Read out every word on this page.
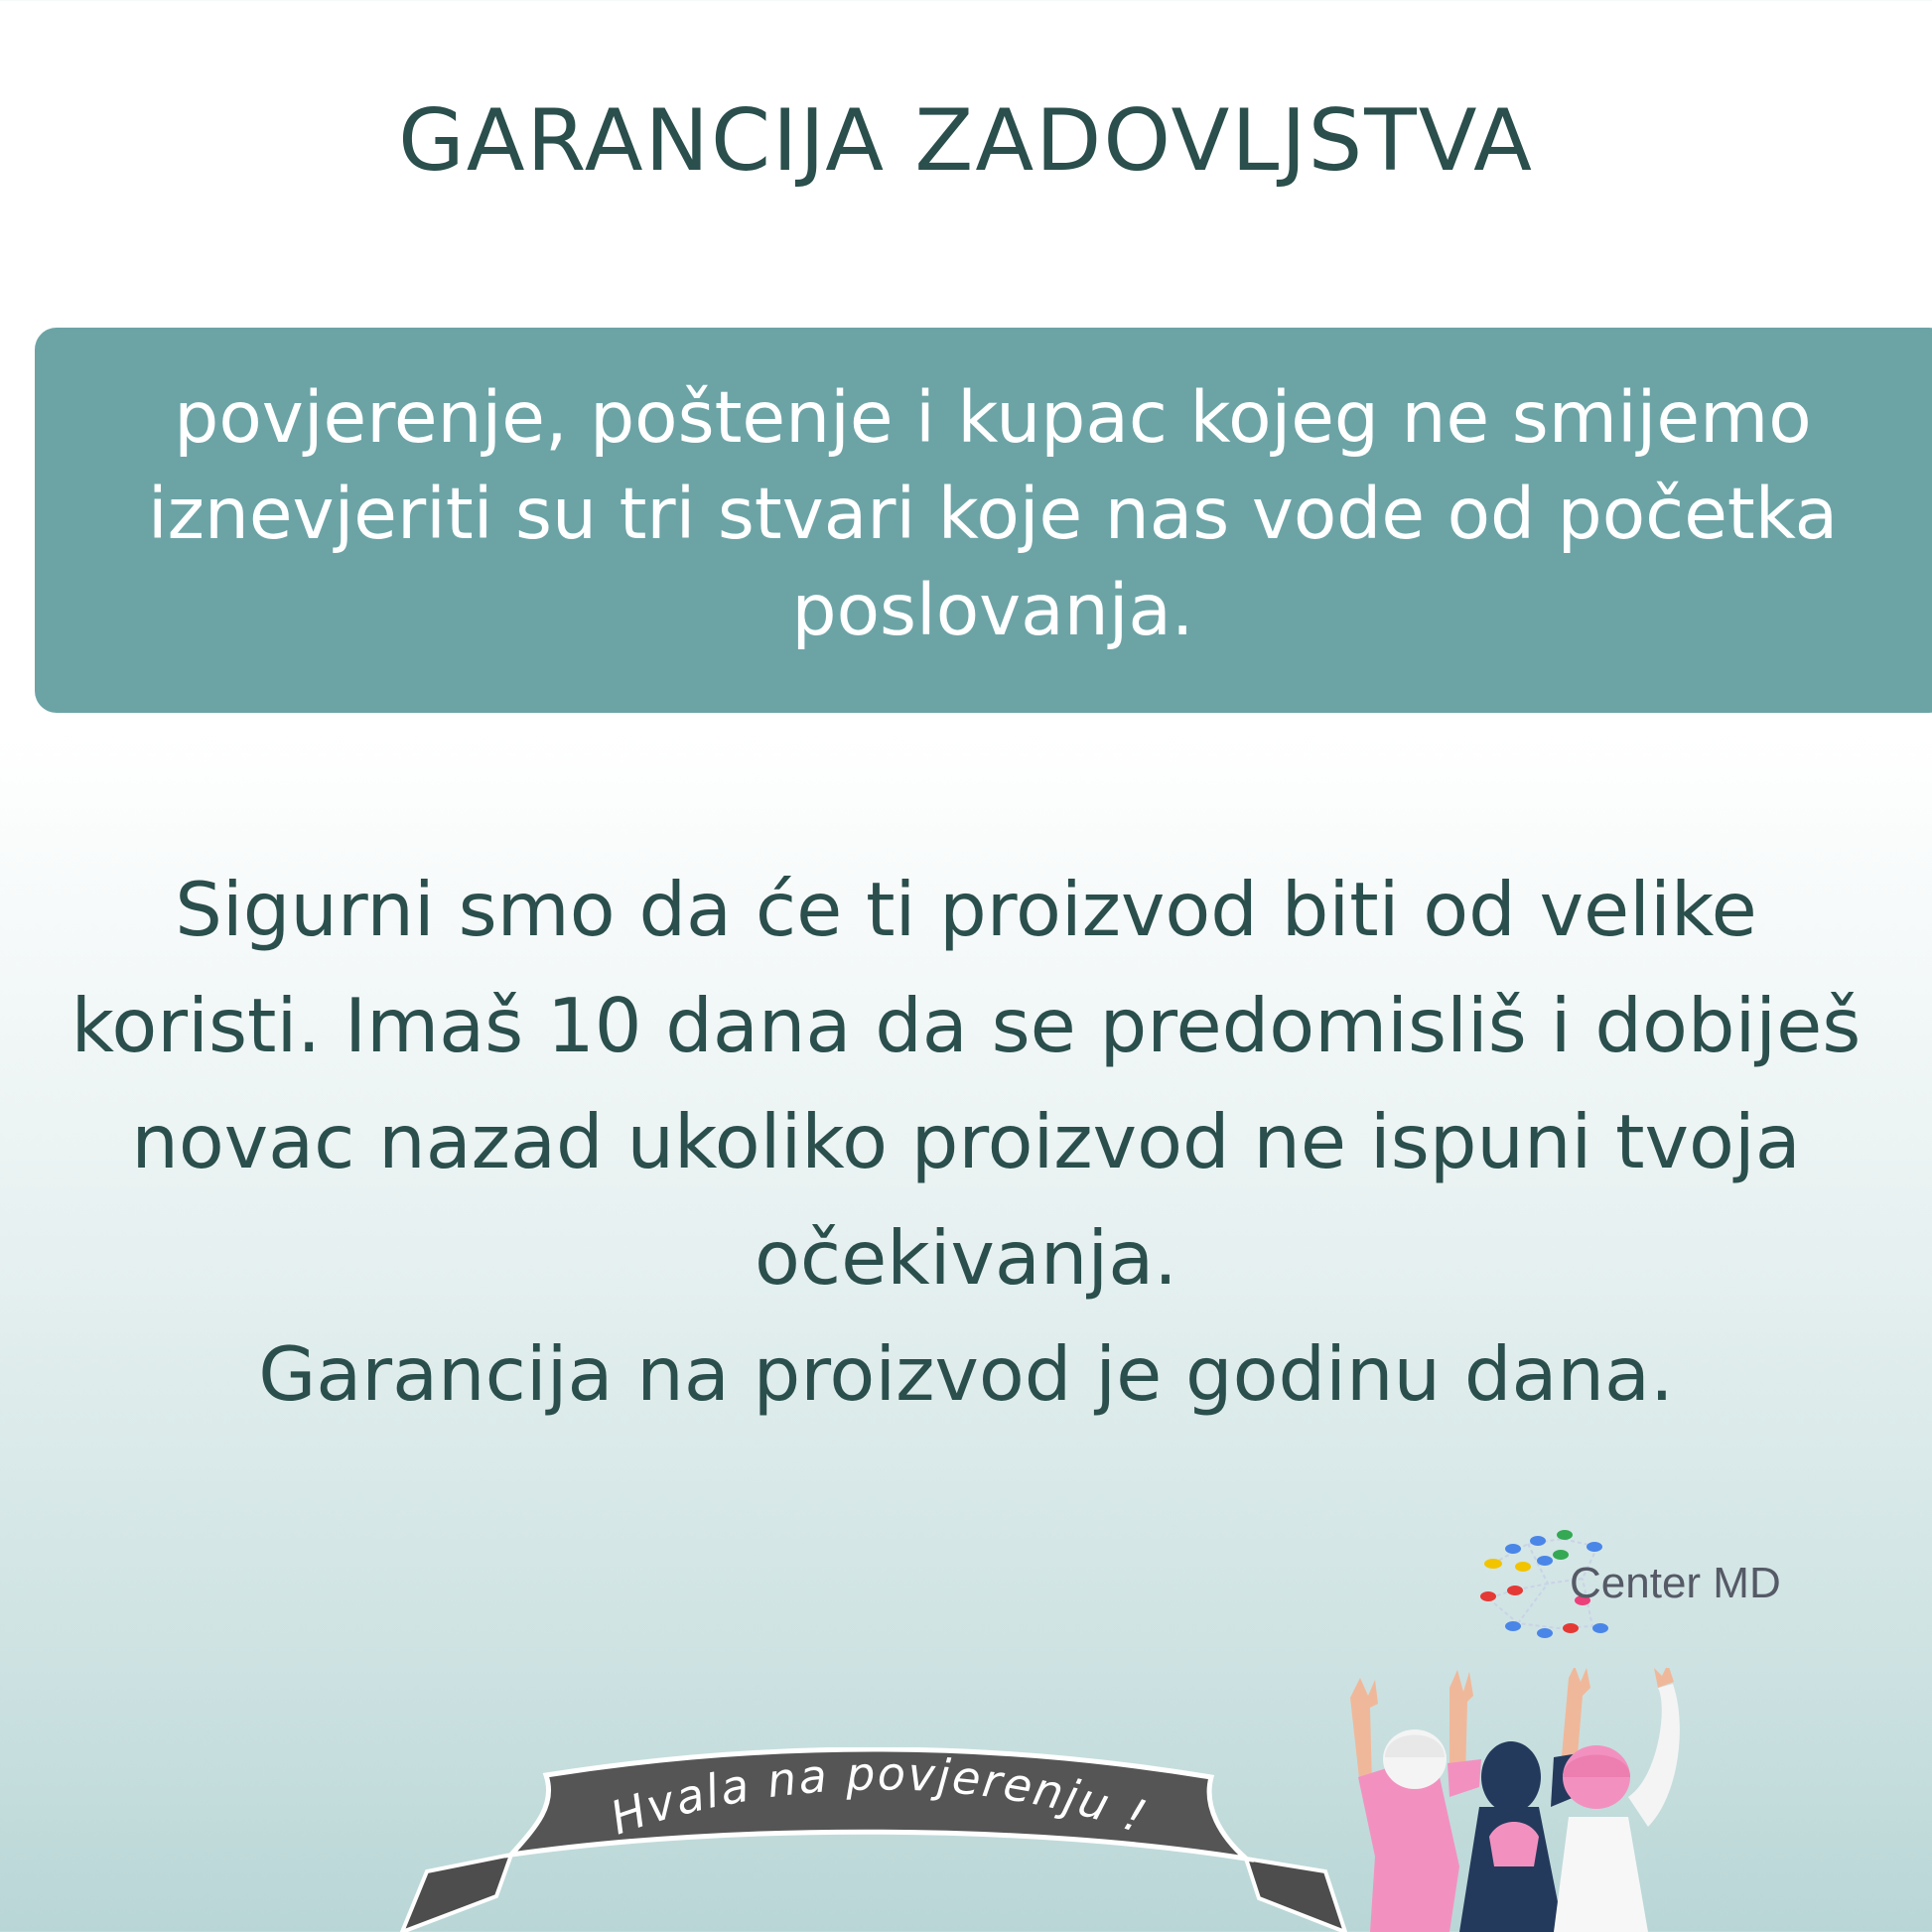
GARANCIJA ZADOVLJSTVA
povjerenje, poštenje i kupac kojeg ne smijemo iznevjeriti su tri stvari koje nas vode od početka poslovanja.

Sigurni smo da će ti proizvod biti od velike koristi. Imaš 10 dana da se predomisliš i dobiješ novac nazad ukoliko proizvod ne ispuni tvoja očekivanja.

Garancija na proizvod je godinu dana.

Center MD
Hvala na povjerenju !
